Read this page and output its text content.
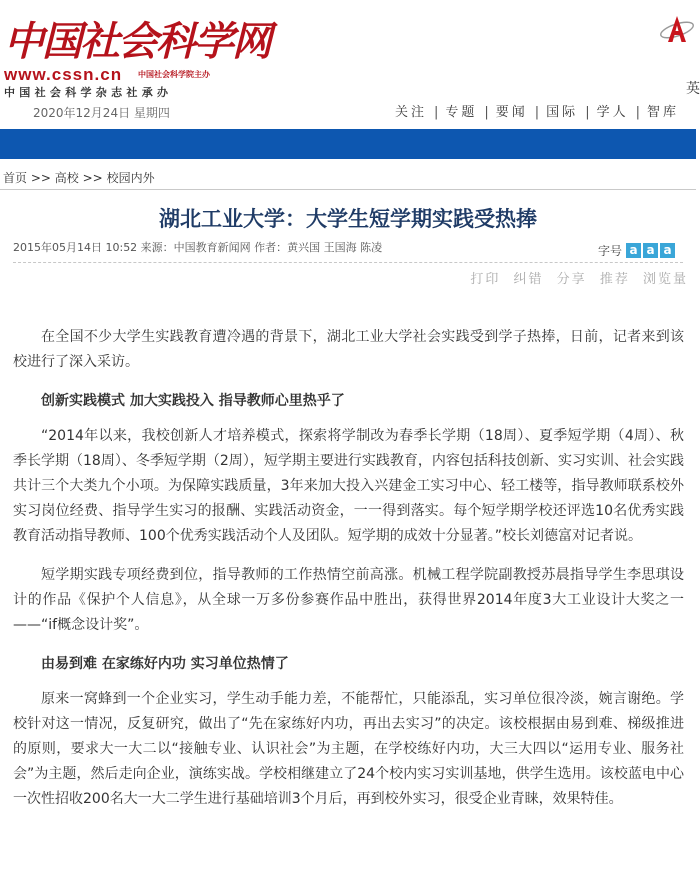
中国社会科学网
www.cssn.cn 中国社会科学院主办
中国社会科学杂志社承办	英
2020年12月24日 星期四	关注 | 专题 | 要闻 | 国际 | 学人 | 智库
首页 >> 高校 >> 校园内外
湖北工业大学：大学生短学期实践受热捧
2015年05月14日 10:52 来源：中国教育新闻网 作者：黄兴国 王国海 陈凌	字号 a a a
打印 纠错 分享 推荐 浏览量

在全国不少大学生实践教育遭冷遇的背景下，湖北工业大学社会实践受到学子热捧，日前，记者来到该校进行了深入采访。

创新实践模式 加大实践投入 指导教师心里热乎了

“2014年以来，我校创新人才培养模式，探索将学制改为春季长学期（18周）、夏季短学期（4周）、秋季长学期（18周）、冬季短学期（2周），短学期主要进行实践教育，内容包括科技创新、实习实训、社会实践共计三个大类九个小项。为保障实践质量，3年来加大投入兴建金工实习中心、轻工楼等，指导教师联系校外实习岗位经费、指导学生实习的报酬、实践活动资金，一一得到落实。每个短学期学校还评选10名优秀实践教育活动指导教师、100个优秀实践活动个人及团队。短学期的成效十分显著。”校长刘德富对记者说。

短学期实践专项经费到位，指导教师的工作热情空前高涨。机械工程学院副教授苏晨指导学生李思琪设计的作品《保护个人信息》，从全球一万多份参赛作品中胜出，获得世界2014年度3大工业设计大奖之一——“if概念设计奖”。

由易到难 在家练好内功 实习单位热情了

原来一窝蜂到一个企业实习，学生动手能力差，不能帮忙，只能添乱，实习单位很冷淡，婉言谢绝。学校针对这一情况，反复研究，做出了“先在家练好内功，再出去实习”的决定。该校根据由易到难、梯级推进的原则，要求大一大二以“接触专业、认识社会”为主题，在学校练好内功，大三大四以“运用专业、服务社会”为主题，然后走向企业，演练实战。学校相继建立了24个校内实习实训基地，供学生选用。该校蓝电中心一次性招收200名大一大二学生进行基础培训3个月后，再到校外实习，很受企业青睐，效果特佳。
